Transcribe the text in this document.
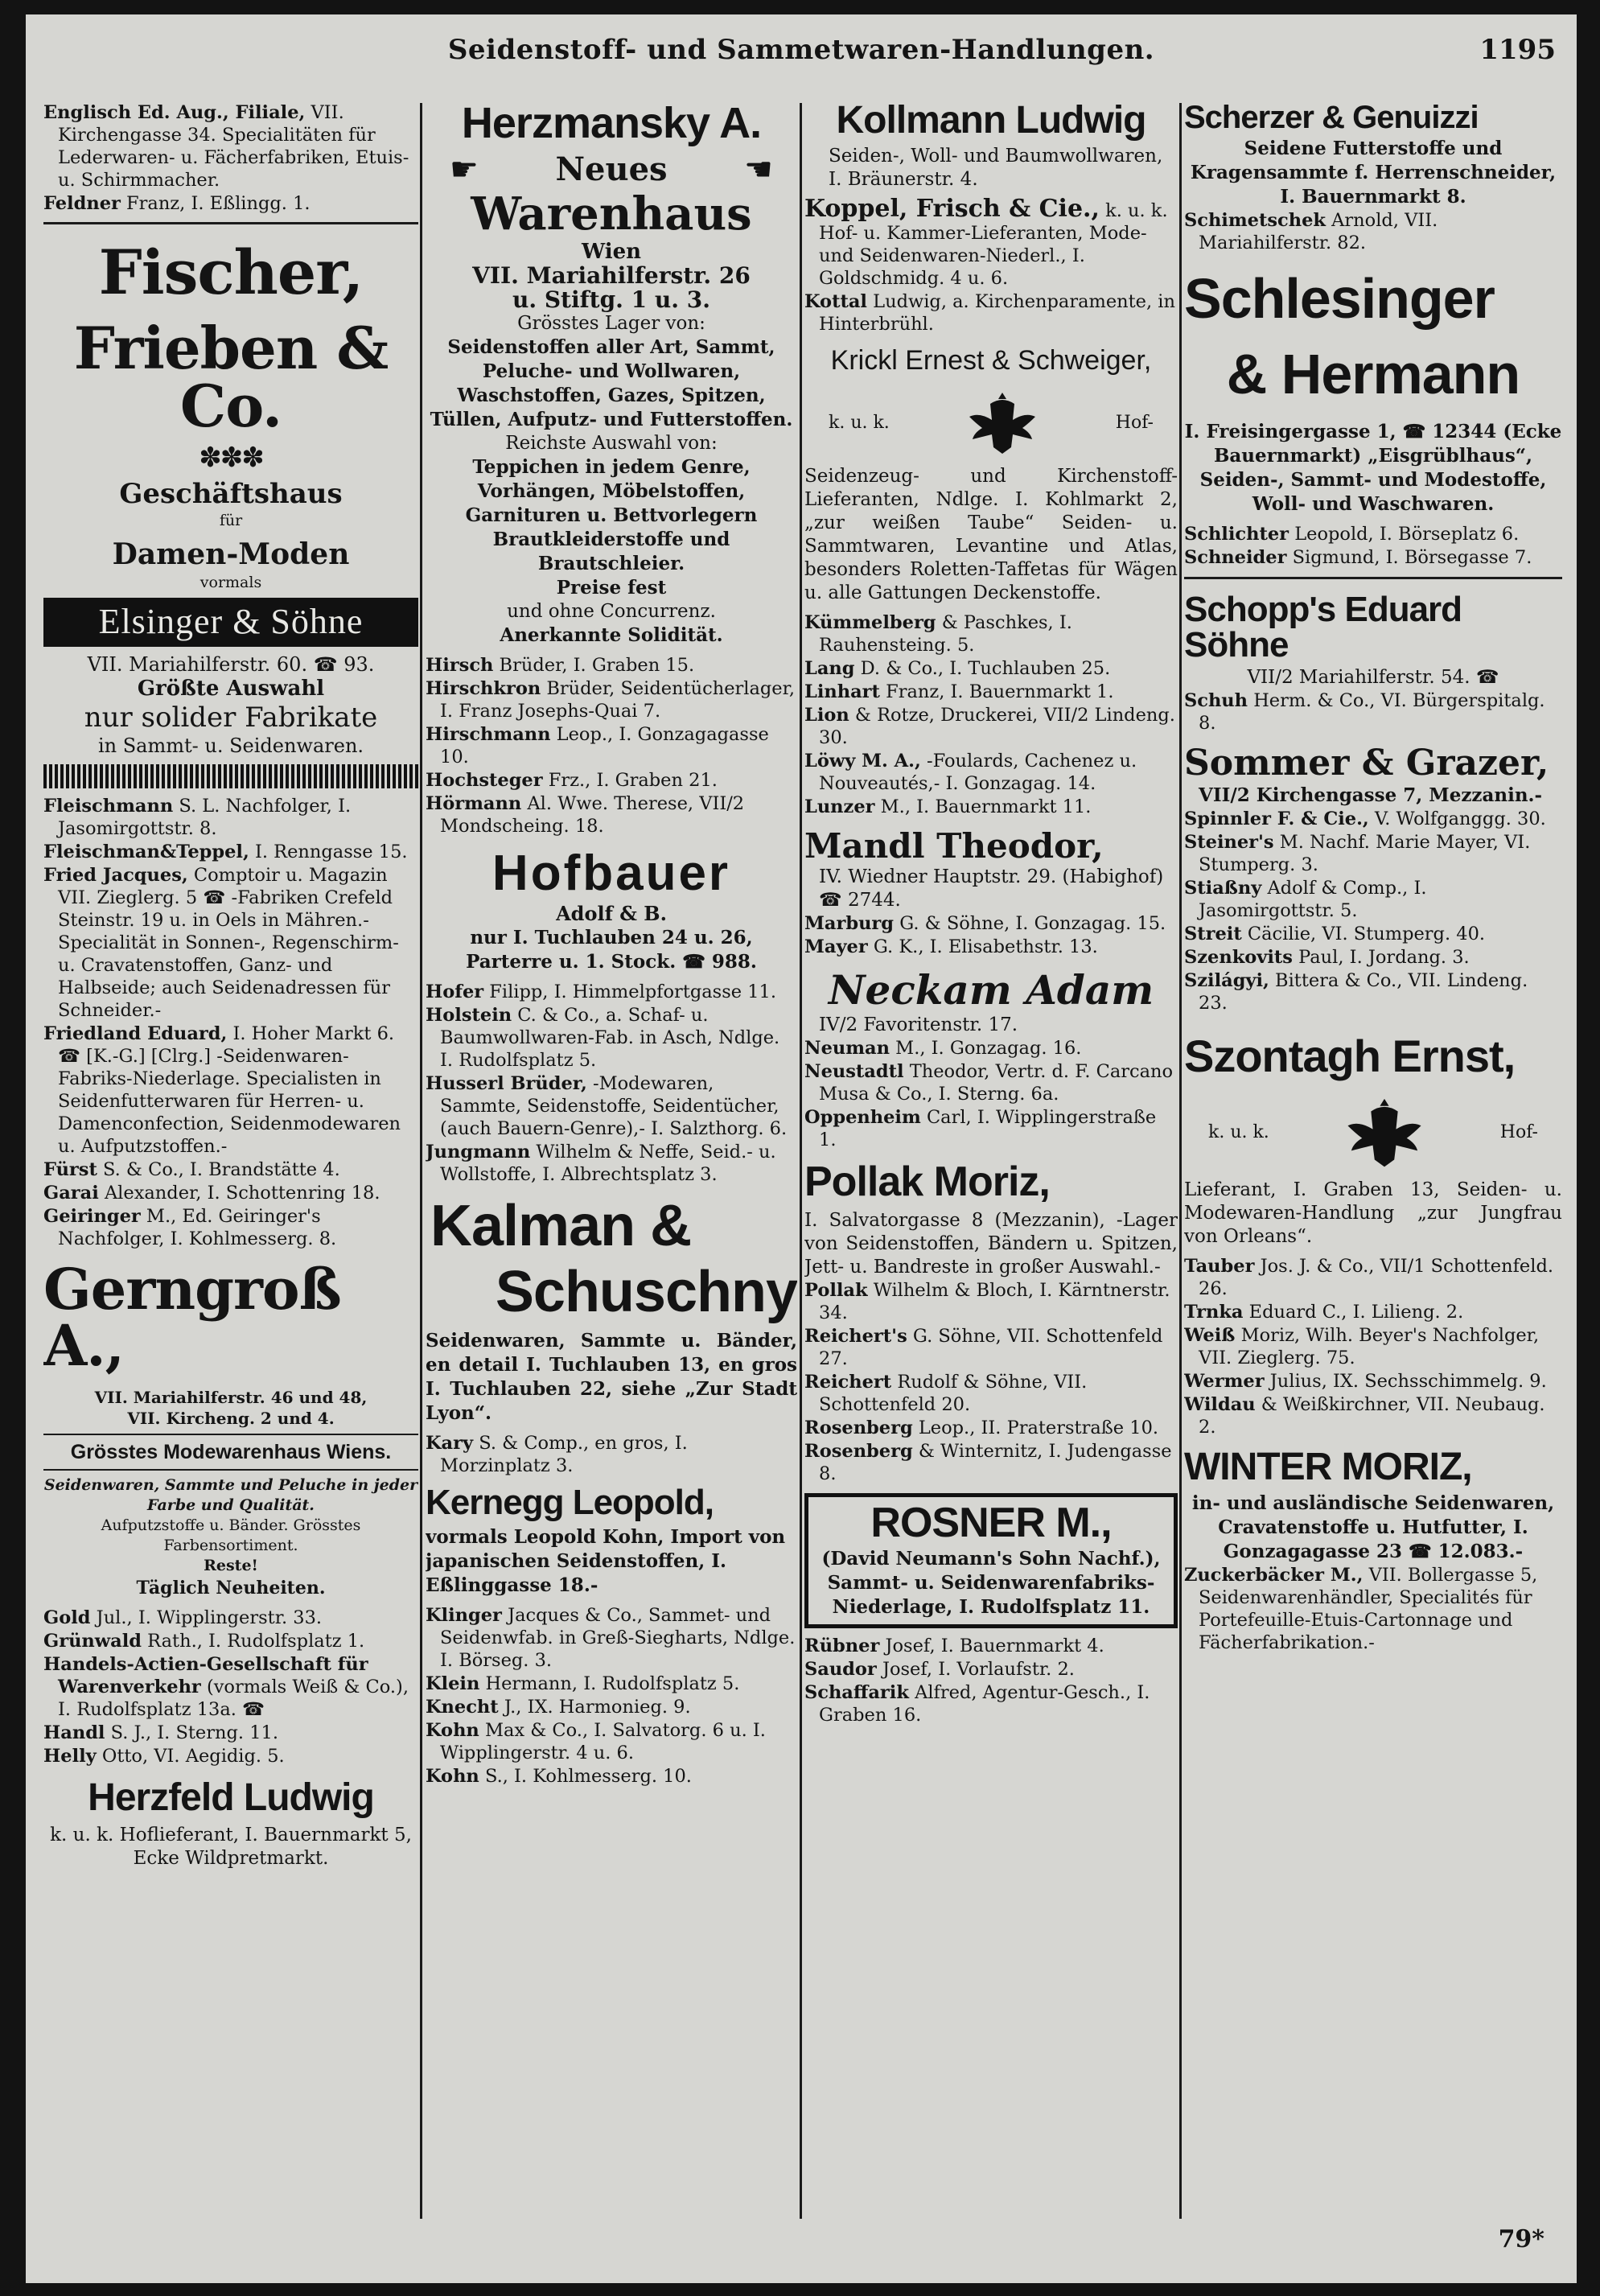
Seidenstoff- und Sammetwaren-Handlungen.	1195

Englisch Ed. Aug., Filiale, VII. Kirchengasse 34. Specialitäten für Lederwaren- u. Fächerfabriken, Etuis- u. Schirmmacher.

Feldner Franz, I. Eßlingg. 1.

Fischer,
Frieben & Co.
✽✽✽
Geschäftshaus
für
Damen-Moden
vormals
Elsinger & Söhne
VII. Mariahilferstr. 60. ☎ 93.
Größte Auswahl
nur solider Fabrikate
in Sammt- u. Seidenwaren.

Fleischmann S. L. Nachfolger, I. Jasomirgottstr. 8.

Fleischman&Teppel, I. Renngasse 15.

Fried Jacques, Comptoir u. Magazin VII. Zieglerg. 5 ☎ -Fabriken Crefeld Steinstr. 19 u. in Oels in Mähren.- Specialität in Sonnen-, Regenschirm- u. Cravatenstoffen, Ganz- und Halbseide; auch Seidenadressen für Schneider.-

Friedland Eduard, I. Hoher Markt 6. ☎ [K.-G.] [Clrg.] -Seidenwaren-Fabriks-Niederlage. Specialisten in Seidenfutterwaren für Herren- u. Damenconfection, Seidenmodewaren u. Aufputzstoffen.-

Fürst S. & Co., I. Brandstätte 4.

Garai Alexander, I. Schottenring 18.

Geiringer M., Ed. Geiringer's Nachfolger, I. Kohlmesserg. 8.

Gerngroß A.,
VII. Mariahilferstr. 46 und 48,
VII. Kircheng. 2 und 4.
Grösstes Modewarenhaus Wiens.
Seidenwaren, Sammte und Peluche in jeder Farbe und Qualität.
Aufputzstoffe u. Bänder. Grösstes Farbensortiment.
Reste!
Täglich Neuheiten.

Gold Jul., I. Wipplingerstr. 33.

Grünwald Rath., I. Rudolfsplatz 1.

Handels-Actien-Gesellschaft für Warenverkehr (vormals Weiß & Co.), I. Rudolfsplatz 13a. ☎

Handl S. J., I. Sterng. 11.

Helly Otto, VI. Aegidig. 5.

Herzfeld Ludwig
k. u. k. Hoflieferant, I. Bauernmarkt 5, Ecke Wildpretmarkt.
Herzmansky A.
☛ Neues ☛
Warenhaus
Wien
VII. Mariahilferstr. 26
u. Stiftg. 1 u. 3.
Grösstes Lager von:
Seidenstoffen aller Art, Sammt, Peluche- und Wollwaren, Waschstoffen, Gazes, Spitzen, Tüllen, Aufputz- und Futterstoffen.
Reichste Auswahl von:
Teppichen in jedem Genre, Vorhängen, Möbelstoffen, Garnituren u. Bettvorlegern Brautkleiderstoffe und Brautschleier.
Preise fest
und ohne Concurrenz.
Anerkannte Solidität.

Hirsch Brüder, I. Graben 15.

Hirschkron Brüder, Seidentücherlager, I. Franz Josephs-Quai 7.

Hirschmann Leop., I. Gonzagagasse 10.

Hochsteger Frz., I. Graben 21.

Hörmann Al. Wwe. Therese, VII/2 Mondscheing. 18.

Hofbauer
Adolf & B.
nur I. Tuchlauben 24 u. 26,
Parterre u. 1. Stock. ☎ 988.

Hofer Filipp, I. Himmelpfortgasse 11.

Holstein C. & Co., a. Schaf- u. Baumwollwaren-Fab. in Asch, Ndlge. I. Rudolfsplatz 5.

Husserl Brüder, -Modewaren, Sammte, Seidenstoffe, Seidentücher, (auch Bauern-Genre),- I. Salzthorg. 6.

Jungmann Wilhelm & Neffe, Seid.- u. Wollstoffe, I. Albrechtsplatz 3.

Kalman &
Schuschny
Seidenwaren, Sammte u. Bänder, en detail I. Tuchlauben 13, en gros I. Tuchlauben 22, siehe „Zur Stadt Lyon“.

Kary S. & Comp., en gros, I. Morzinplatz 3.

Kernegg Leopold,
vormals Leopold Kohn, Import von japanischen Seidenstoffen, I. Eßlinggasse 18.-

Klinger Jacques & Co., Sammet- und Seidenwfab. in Greß-Siegharts, Ndlge. I. Börseg. 3.

Klein Hermann, I. Rudolfsplatz 5.

Knecht J., IX. Harmonieg. 9.

Kohn Max & Co., I. Salvatorg. 6 u. I. Wipplingerstr. 4 u. 6.

Kohn S., I. Kohlmesserg. 10.

Kollmann Ludwig
Seiden-, Woll- und Baumwollwaren, I. Bräunerstr. 4.

Koppel, Frisch & Cie., k. u. k. Hof- u. Kammer-Lieferanten, Mode- und Seidenwaren-Niederl., I. Goldschmidg. 4 u. 6.

Kottal Ludwig, a. Kirchenparamente, in Hinterbrühl.

Krickl Ernest & Schweiger,
k. u. k.	Hof-
Seidenzeug- und Kirchenstoff-Lieferanten, Ndlge. I. Kohlmarkt 2, „zur weißen Taube“ Seiden- u. Sammtwaren, Levantine und Atlas, besonders Roletten-Taffetas für Wägen u. alle Gattungen Deckenstoffe.

Kümmelberg & Paschkes, I. Rauhensteing. 5.

Lang D. & Co., I. Tuchlauben 25.

Linhart Franz, I. Bauernmarkt 1.

Lion & Rotze, Druckerei, VII/2 Lindeng. 30.

Löwy M. A., -Foulards, Cachenez u. Nouveautés,- I. Gonzagag. 14.

Lunzer M., I. Bauernmarkt 11.

Mandl Theodor,
IV. Wiedner Hauptstr. 29. (Habighof) ☎ 2744.

Marburg G. & Söhne, I. Gonzagag. 15.

Mayer G. K., I. Elisabethstr. 13.

Neckam Adam
IV/2 Favoritenstr. 17.

Neuman M., I. Gonzagag. 16.

Neustadtl Theodor, Vertr. d. F. Carcano Musa & Co., I. Sterng. 6a.

Oppenheim Carl, I. Wipplingerstraße 1.

Pollak Moriz,
I. Salvatorgasse 8 (Mezzanin), -Lager von Seidenstoffen, Bändern u. Spitzen, Jett- u. Bandreste in großer Auswahl.-

Pollak Wilhelm & Bloch, I. Kärntnerstr. 34.

Reichert's G. Söhne, VII. Schottenfeld 27.

Reichert Rudolf & Söhne, VII. Schottenfeld 20.

Rosenberg Leop., II. Praterstraße 10.

Rosenberg & Winternitz, I. Judengasse 8.

ROSNER M.,
(David Neumann's Sohn Nachf.), Sammt- u. Seidenwarenfabriks-Niederlage, I. Rudolfsplatz 11.

Rübner Josef, I. Bauernmarkt 4.

Saudor Josef, I. Vorlaufstr. 2.

Schaffarik Alfred, Agentur-Gesch., I. Graben 16.

Scherzer & Genuizzi
Seidene Futterstoffe und Kragensammte f. Herrenschneider, I. Bauernmarkt 8.

Schimetschek Arnold, VII. Mariahilferstr. 82.

Schlesinger
& Hermann
I. Freisingergasse 1, ☎ 12344 (Ecke Bauernmarkt) „Eisgrüblhaus“, Seiden-, Sammt- und Modestoffe, Woll- und Waschwaren.

Schlichter Leopold, I. Börseplatz 6.

Schneider Sigmund, I. Börsegasse 7.

Schopp's Eduard Söhne
VII/2 Mariahilferstr. 54. ☎

Schuh Herm. & Co., VI. Bürgerspitalg. 8.

Sommer & Grazer,
VII/2 Kirchengasse 7, Mezzanin.-

Spinnler F. & Cie., V. Wolfganggg. 30.

Steiner's M. Nachf. Marie Mayer, VI. Stumperg. 3.

Stiaßny Adolf & Comp., I. Jasomirgottstr. 5.

Streit Cäcilie, VI. Stumperg. 40.

Szenkovits Paul, I. Jordang. 3.

Szilágyi, Bittera & Co., VII. Lindeng. 23.

Szontagh Ernst,
k. u. k.	Hof-
Lieferant, I. Graben 13, Seiden- u. Modewaren-Handlung „zur Jungfrau von Orleans“.

Tauber Jos. J. & Co., VII/1 Schottenfeld. 26.

Trnka Eduard C., I. Lilieng. 2.

Weiß Moriz, Wilh. Beyer's Nachfolger, VII. Zieglerg. 75.

Wermer Julius, IX. Sechsschimmelg. 9.

Wildau & Weißkirchner, VII. Neubaug. 2.

WINTER MORIZ,
in- und ausländische Seidenwaren, Cravatenstoffe u. Hutfutter, I. Gonzagagasse 23 ☎ 12.083.-

Zuckerbäcker M., VII. Bollergasse 5, Seidenwarenhändler, Specialités für Portefeuille-Etuis-Cartonnage und Fächerfabrikation.-

79*
